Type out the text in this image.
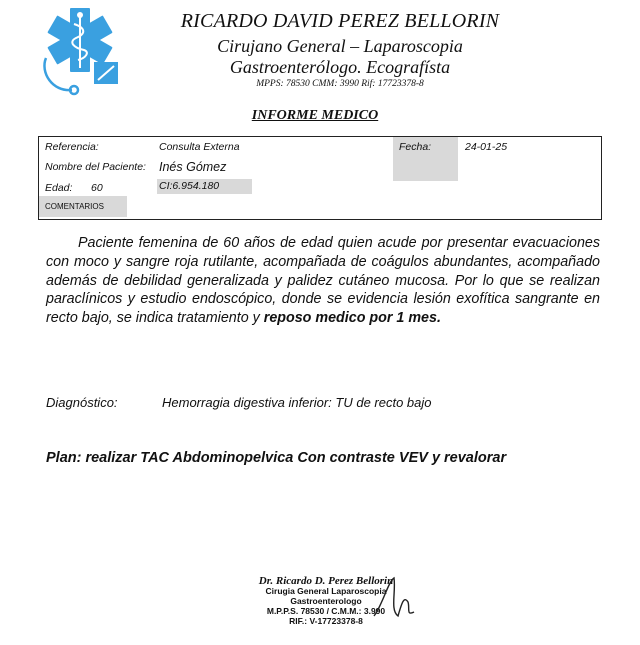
RICARDO DAVID PEREZ BELLORIN
Cirujano General – Laparoscopia
Gastroenterólogo. Ecografísta
MPPS: 78530 CMM: 3990 Rif: 17723378-8
INFORME MEDICO
Referencia:	Consulta Externa	Fecha:	24-01-25
Nombre del Paciente: Inés Gómez
Edad: 60	CI:6.954.180
COMENTARIOS
Paciente femenina de 60 años de edad quien acude por presentar evacuaciones con moco y sangre roja rutilante, acompañada de coágulos abundantes, acompañado además de debilidad generalizada y palidez cutáneo mucosa. Por lo que se realizan paraclínicos y estudio endoscópico, donde se evidencia lesión exofítica sangrante en recto bajo, se indica tratamiento y reposo medico por 1 mes.
Diagnóstico:	Hemorragia digestiva inferior: TU de recto bajo
Plan: realizar TAC Abdominopelvica Con contraste VEV y revalorar
Dr. Ricardo D. Perez Bellorin
Cirugia General Laparoscopia
Gastroenterologo
M.P.P.S. 78530 / C.M.M.: 3.990
RIF.: V-17723378-8
